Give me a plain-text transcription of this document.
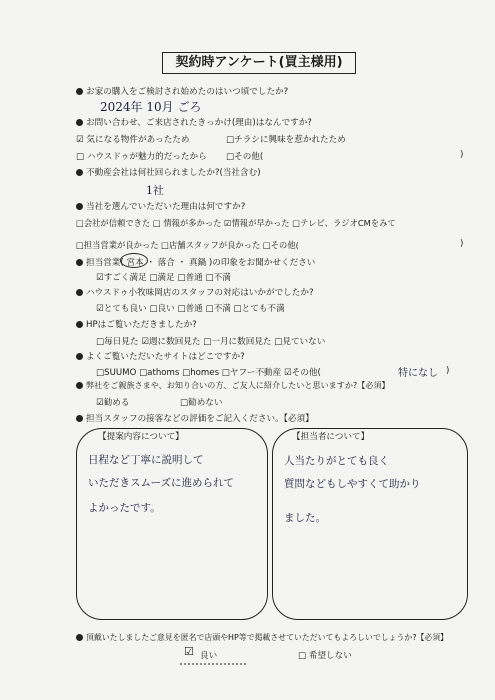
契約時アンケート(買主様用)
お家の購入をご検討され始めたのはいつ頃でしたか?
2024年 10月 ごろ
お問い合わせ、ご来店されたきっかけ(理由)はなんですか?
☑ 気になる物件があったため	□チラシに興味を惹かれたため
□ ハウスドゥが魅力的だったから □その他(	)
不動産会社は何社回られましたか?(当社含む)
1社
当社を選んでいただいた理由は何ですか?
□会社が信頼できた □ 情報が多かった ☑情報が早かった □テレビ、ラジオCMをみて
□担当営業が良かった □店舗スタッフが良かった □その他(	)
担当営業( 宮本 ・ 落合 ・ 真鍋 )の印象をお聞かせください
☑すごく満足 □満足 □普通 □不満
ハウスドゥ小牧味岡店のスタッフの対応はいかがでしたか?
☑とても良い □良い □普通 □不満 □とても不満
HPはご覧いただきましたか?
□毎日見た ☑週に数回見た □一月に数回見た □見ていない
よくご覧いただいたサイトはどこですか?
□SUUMO □athoms □homes □ヤフー不動産 ☑その他(	特になし )
弊社をご親族さまや、お知り合いの方、ご友人に紹介したいと思いますか?【必須】
☑勧める	□勧めない
担当スタッフの接客などの評価をご記入ください。【必須】
【提案内容について】
日程など丁寧に説明して
いただきスムーズに進められて
よかったです。
【担当者について】
人当たりがとても良く
質問などもしやすくて助かり
ました。
頂戴いたしましたご意見を匿名で店頭やHP等で掲載させていただいてもよろしいでしょうか?【必須】
☑ 良い	□ 希望しない
